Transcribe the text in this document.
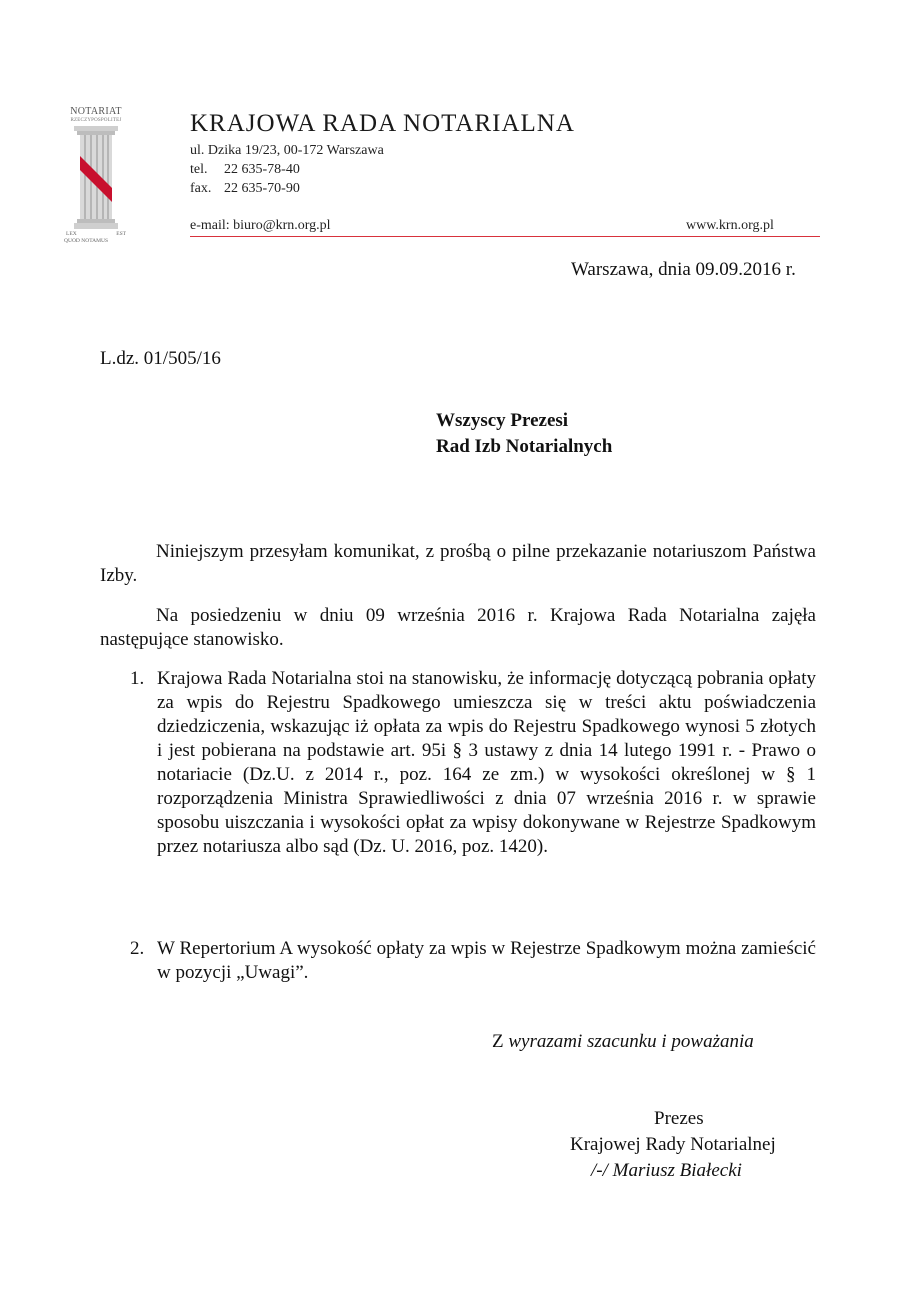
NOTARIAT
RZECZYPOSPOLITEJ
LEX	EST
QUOD NOTAMUS
KRAJOWA RADA NOTARIALNA
ul. Dzika 19/23, 00-172 Warszawa
tel. 22 635-78-40
fax. 22 635-70-90
e-mail: biuro@krn.org.pl	www.krn.org.pl
Warszawa, dnia 09.09.2016 r.
L.dz. 01/505/16
Wszyscy Prezesi
Rad Izb Notarialnych
Niniejszym przesyłam komunikat, z prośbą o pilne przekazanie notariuszom Państwa Izby.
Na posiedzeniu w dniu 09 września 2016 r. Krajowa Rada Notarialna zajęła następujące stanowisko.
1. Krajowa Rada Notarialna stoi na stanowisku, że informację dotyczącą pobrania opłaty za wpis do Rejestru Spadkowego umieszcza się w treści aktu poświadczenia dziedziczenia, wskazując iż opłata za wpis do Rejestru Spadkowego wynosi 5 złotych i jest pobierana na podstawie art. 95i § 3 ustawy z dnia 14 lutego 1991 r. - Prawo o notariacie (Dz.U. z 2014 r., poz. 164 ze zm.) w wysokości określonej w § 1 rozporządzenia Ministra Sprawiedliwości z dnia 07 września 2016 r. w sprawie sposobu uiszczania i wysokości opłat za wpisy dokonywane w Rejestrze Spadkowym przez notariusza albo sąd (Dz. U. 2016, poz. 1420).
2. W Repertorium A wysokość opłaty za wpis w Rejestrze Spadkowym można zamieścić w pozycji „Uwagi”.
Z wyrazami szacunku i poważania
Prezes
Krajowej Rady Notarialnej
/-/ Mariusz Białecki
